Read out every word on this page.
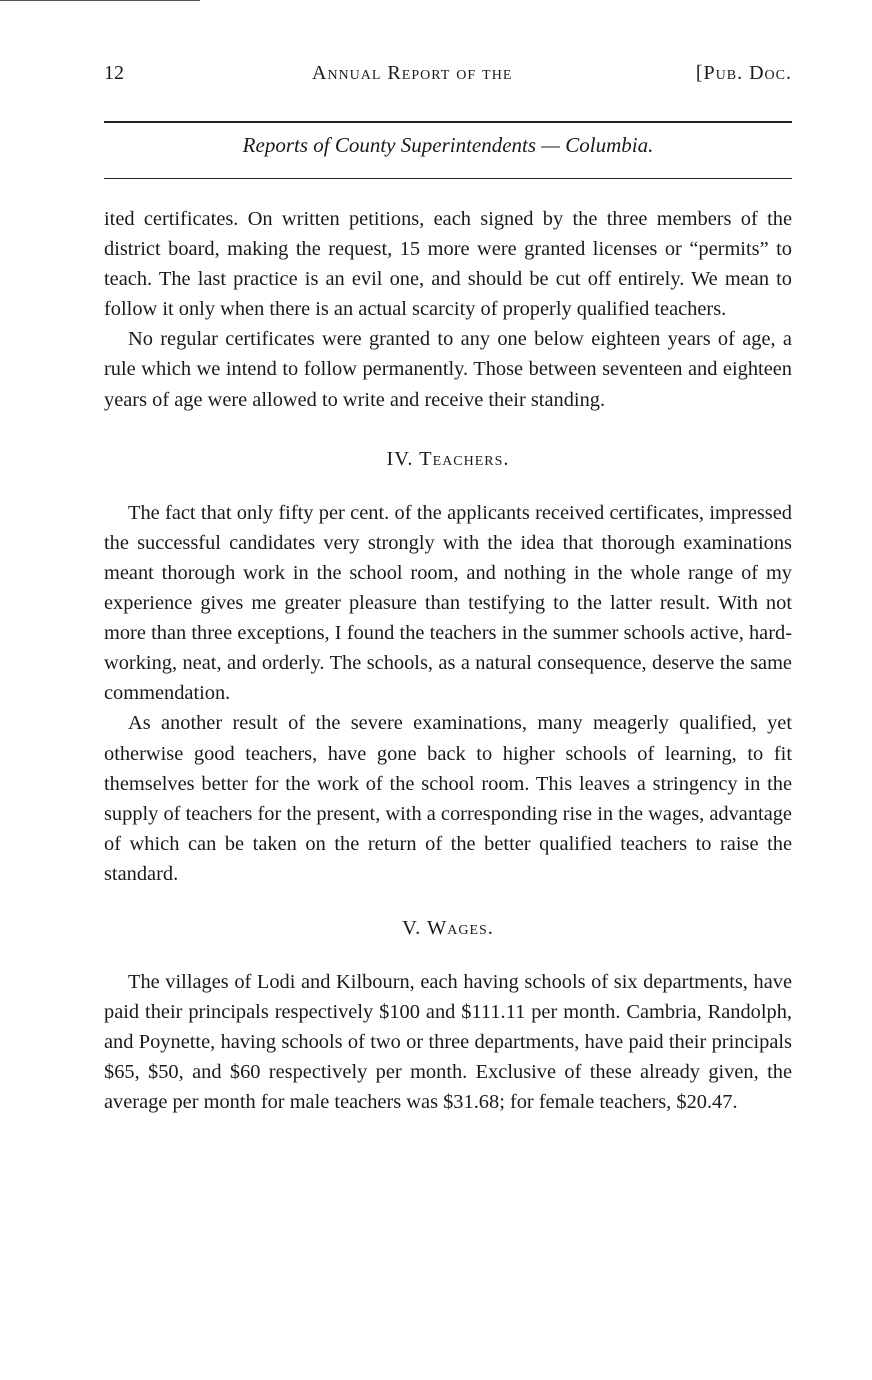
12	Annual Report of the	[Pub. Doc.
Reports of County Superintendents — Columbia.

ited certificates. On written petitions, each signed by the three members of the district board, making the request, 15 more were granted licenses or “permits” to teach. The last practice is an evil one, and should be cut off entirely. We mean to follow it only when there is an actual scarcity of properly qualified teachers.

No regular certificates were granted to any one below eighteen years of age, a rule which we intend to follow permanently. Those between seventeen and eighteen years of age were allowed to write and receive their standing.

IV. Teachers.

The fact that only fifty per cent. of the applicants received certificates, impressed the successful candidates very strongly with the idea that thorough examinations meant thorough work in the school room, and nothing in the whole range of my experience gives me greater pleasure than testifying to the latter result. With not more than three exceptions, I found the teachers in the summer schools active, hard-working, neat, and orderly. The schools, as a natural consequence, deserve the same commendation.

As another result of the severe examinations, many meagerly qualified, yet otherwise good teachers, have gone back to higher schools of learning, to fit themselves better for the work of the school room. This leaves a stringency in the supply of teachers for the present, with a corresponding rise in the wages, advantage of which can be taken on the return of the better qualified teachers to raise the standard.

V. Wages.

The villages of Lodi and Kilbourn, each having schools of six departments, have paid their principals respectively $100 and $111.11 per month. Cambria, Randolph, and Poynette, having schools of two or three departments, have paid their principals $65, $50, and $60 respectively per month. Exclusive of these already given, the average per month for male teachers was $31.68; for female teachers, $20.47.
